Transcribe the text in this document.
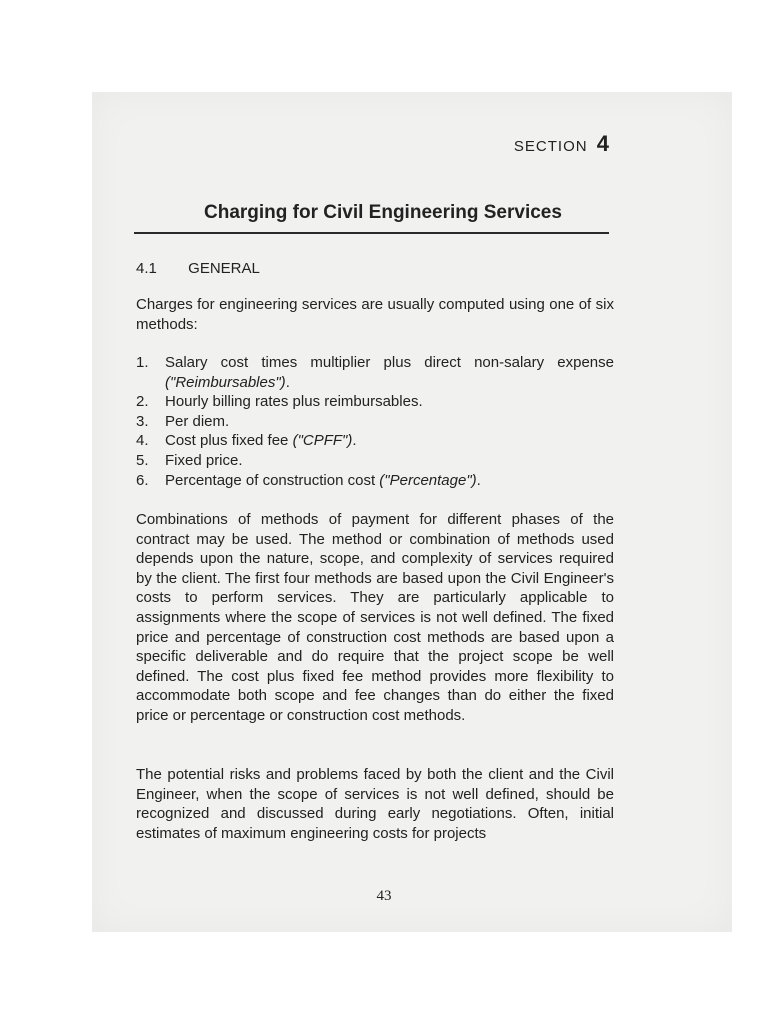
SECTION 4
Charging for Civil Engineering Services
4.1 GENERAL
Charges for engineering services are usually computed using one of six methods:
1. Salary cost times multiplier plus direct non-salary expense ("Reimbursables").
2. Hourly billing rates plus reimbursables.
3. Per diem.
4. Cost plus fixed fee ("CPFF").
5. Fixed price.
6. Percentage of construction cost ("Percentage").
Combinations of methods of payment for different phases of the contract may be used. The method or combination of methods used depends upon the nature, scope, and complexity of services required by the client. The first four methods are based upon the Civil Engineer's costs to perform services. They are particularly applicable to assignments where the scope of services is not well defined. The fixed price and percentage of construction cost methods are based upon a specific deliverable and do require that the project scope be well defined. The cost plus fixed fee method provides more flexibility to accommodate both scope and fee changes than do either the fixed price or percentage or construction cost methods.
The potential risks and problems faced by both the client and the Civil Engineer, when the scope of services is not well defined, should be recognized and discussed during early negotiations. Often, initial estimates of maximum engineering costs for projects
43
